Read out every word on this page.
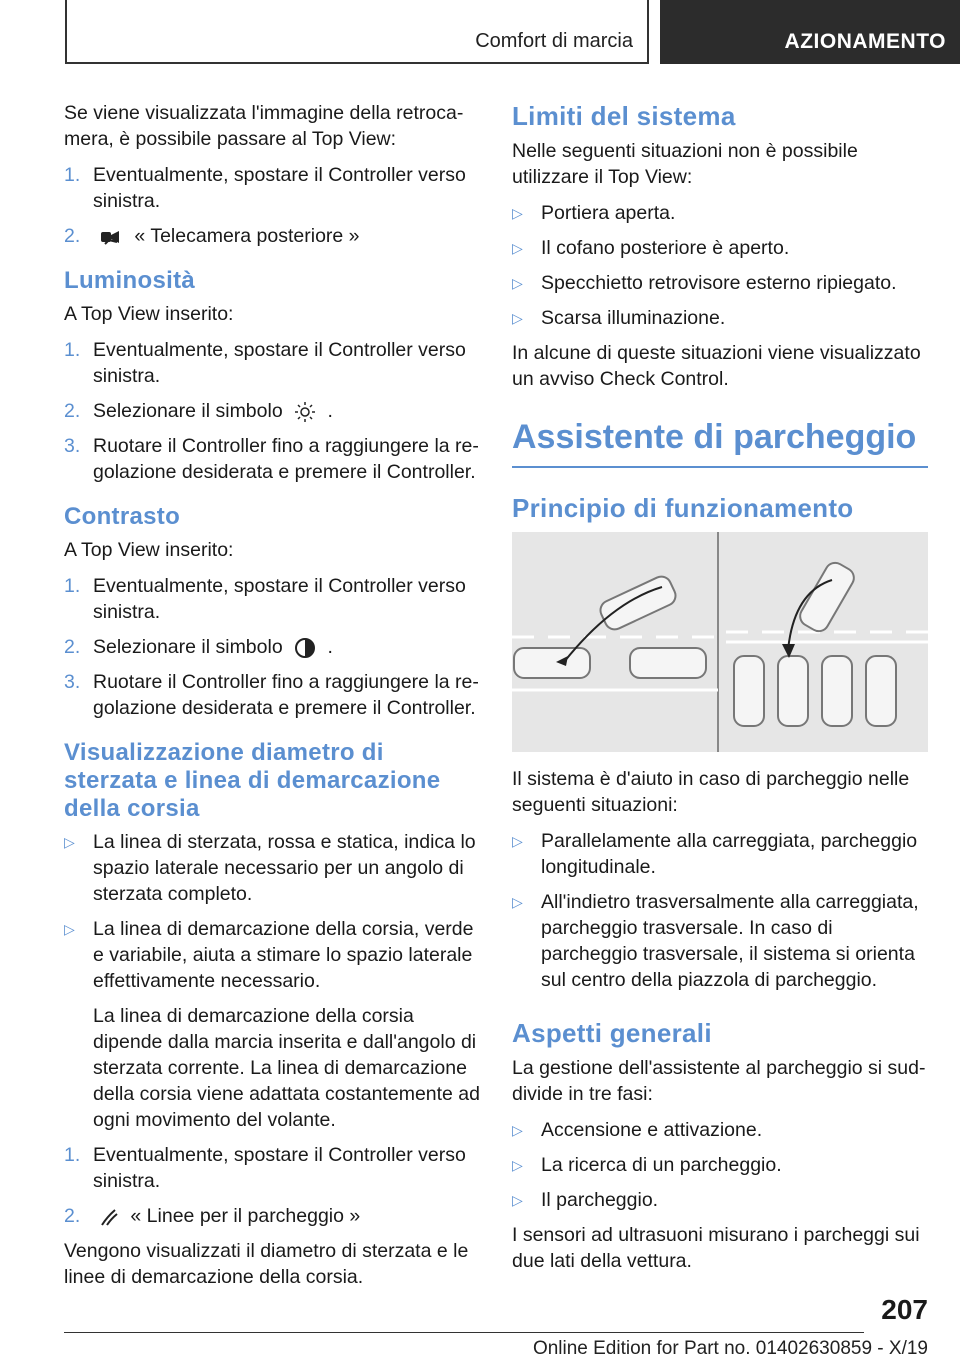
Comfort di marcia	AZIONAMENTO

Se viene visualizzata l'immagine della retrocamera, è possibile passare al Top View:

1. Eventualmente, spostare il Controller verso sinistra.
2.	« Telecamera posteriore »
Luminosità

A Top View inserito:

1. Eventualmente, spostare il Controller verso sinistra.
2. Selezionare il simbolo .
3. Ruotare il Controller fino a raggiungere la regolazione desiderata e premere il Controller.
Contrasto

A Top View inserito:

1. Eventualmente, spostare il Controller verso sinistra.
2. Selezionare il simbolo .
3. Ruotare il Controller fino a raggiungere la regolazione desiderata e premere il Controller.
Visualizzazione diametro di sterzata e linea di demarcazione della corsia
▷ La linea di sterzata, rossa e statica, indica lo spazio laterale necessario per un angolo di sterzata completo.
▷ La linea di demarcazione della corsia, verde e variabile, aiuta a stimare lo spazio laterale effettivamente necessario.
La linea di demarcazione della corsia dipende dalla marcia inserita e dall'angolo di sterzata corrente. La linea di demarcazione della corsia viene adattata costantemente ad ogni movimento del volante.
1. Eventualmente, spostare il Controller verso sinistra.
2.	« Linee per il parcheggio »

Vengono visualizzati il diametro di sterzata e le linee di demarcazione della corsia.

Limiti del sistema

Nelle seguenti situazioni non è possibile utilizzare il Top View:

▷ Portiera aperta.
▷ Il cofano posteriore è aperto.
▷ Specchietto retrovisore esterno ripiegato.
▷ Scarsa illuminazione.

In alcune di queste situazioni viene visualizzato un avviso Check Control.

Assistente di parcheggio
Principio di funzionamento

Il sistema è d'aiuto in caso di parcheggio nelle seguenti situazioni:

▷ Parallelamente alla carreggiata, parcheggio longitudinale.
▷ All'indietro trasversalmente alla carreggiata, parcheggio trasversale. In caso di parcheggio trasversale, il sistema si orienta sul centro della piazzola di parcheggio.
Aspetti generali

La gestione dell'assistente al parcheggio si suddivide in tre fasi:

▷ Accensione e attivazione.
▷ La ricerca di un parcheggio.
▷ Il parcheggio.

I sensori ad ultrasuoni misurano i parcheggi sui due lati della vettura.

207
Online Edition for Part no. 01402630859 - X/19
